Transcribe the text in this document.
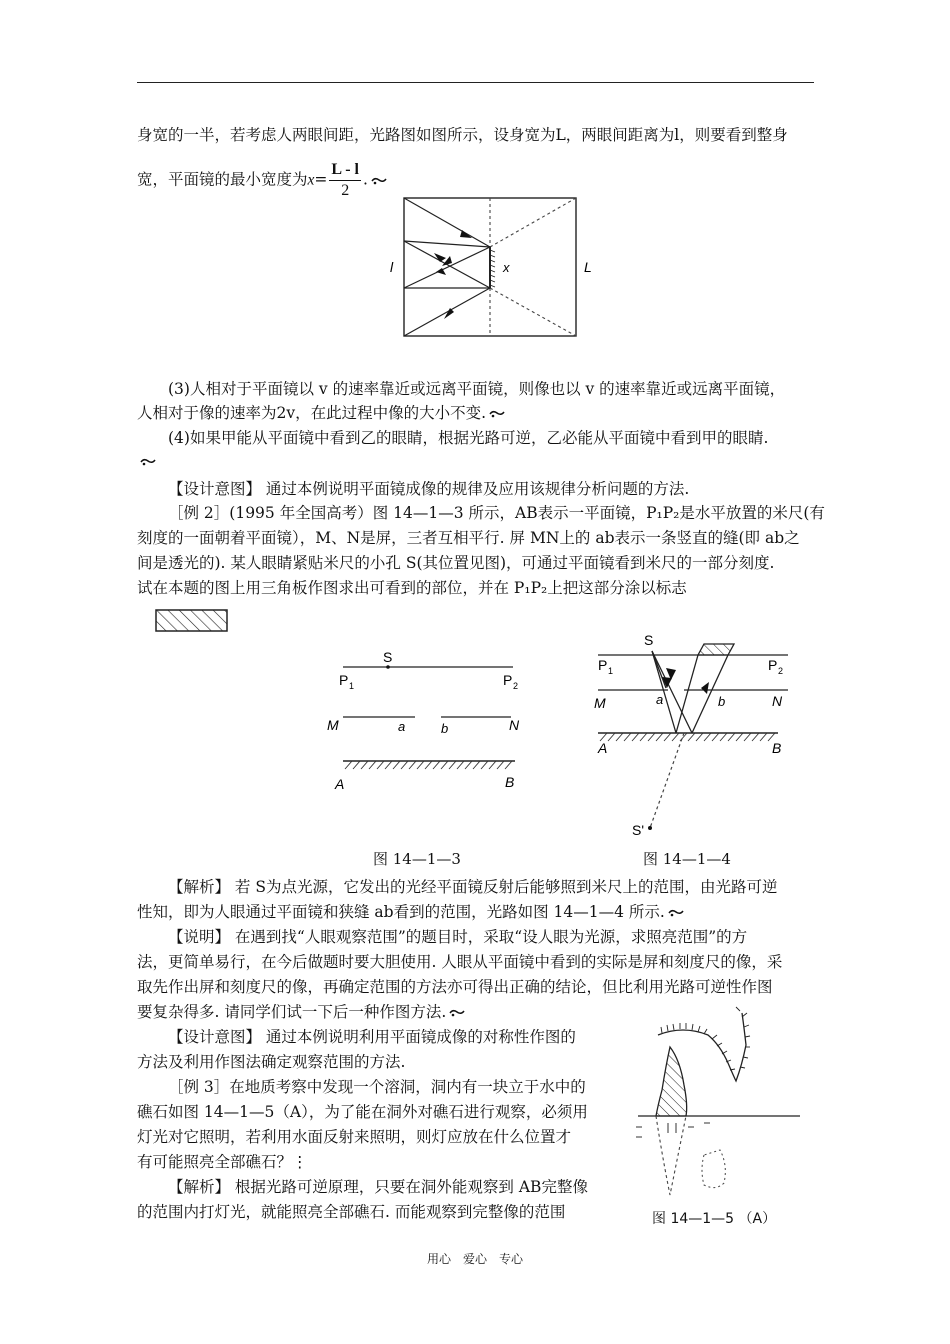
身宽的一半，若考虑人两眼间距，光路图如图所示，设身宽为L，两眼间距离为l，则要看到整身

宽，平面镜的最小宽度为$x= \frac{L - l}{2}$ .

l	x	L

(3)人相对于平面镜以 v 的速率靠近或远离平面镜，则像也以 v 的速率靠近或远离平面镜，

人相对于像的速率为2v，在此过程中像的大小不变.

(4)如果甲能从平面镜中看到乙的眼睛，根据光路可逆，乙必能从平面镜中看到甲的眼睛.

【设计意图】 通过本例说明平面镜成像的规律及应用该规律分析问题的方法.

［例 2］(1995 年全国高考）图 14—1—3 所示，AB表示一平面镜，P₁P₂是水平放置的米尺(有

刻度的一面朝着平面镜），M、N是屏，三者互相平行. 屏 MN上的 ab表示一条竖直的缝(即 ab之

间是透光的). 某人眼睛紧贴米尺的小孔 S(其位置见图)，可通过平面镜看到米尺的一部分刻度.

试在本题的图上用三角板作图求出可看到的部位，并在 P₁P₂上把这部分涂以标志

S
P 1	P 2
M	a	b	N
A	B
S
P 1	P 2
M	a	b	N
A	B
S'
图 14—1—3	图 14—1—4

【解析】 若 S为点光源，它发出的光经平面镜反射后能够照到米尺上的范围，由光路可逆

性知，即为人眼通过平面镜和狭缝 ab看到的范围，光路如图 14—1—4 所示.

【说明】 在遇到找“人眼观察范围”的题目时，采取“设人眼为光源，求照亮范围”的方

法，更简单易行，在今后做题时要大胆使用. 人眼从平面镜中看到的实际是屏和刻度尺的像，采

取先作出屏和刻度尺的像，再确定范围的方法亦可得出正确的结论，但比利用光路可逆性作图

要复杂得多. 请同学们试一下后一种作图方法.

【设计意图】 通过本例说明利用平面镜成像的对称性作图的

方法及利用作图法确定观察范围的方法.

［例 3］在地质考察中发现一个溶洞，洞内有一块立于水中的

礁石如图 14—1—5（A），为了能在洞外对礁石进行观察，必须用

灯光对它照明，若利用水面反射来照明，则灯应放在什么位置才

有可能照亮全部礁石？⋮

【解析】 根据光路可逆原理，只要在洞外能观察到 AB完整像

的范围内打灯光，就能照亮全部礁石. 而能观察到完整像的范围	图 14—1—5 （A）
用心　爱心　专心
